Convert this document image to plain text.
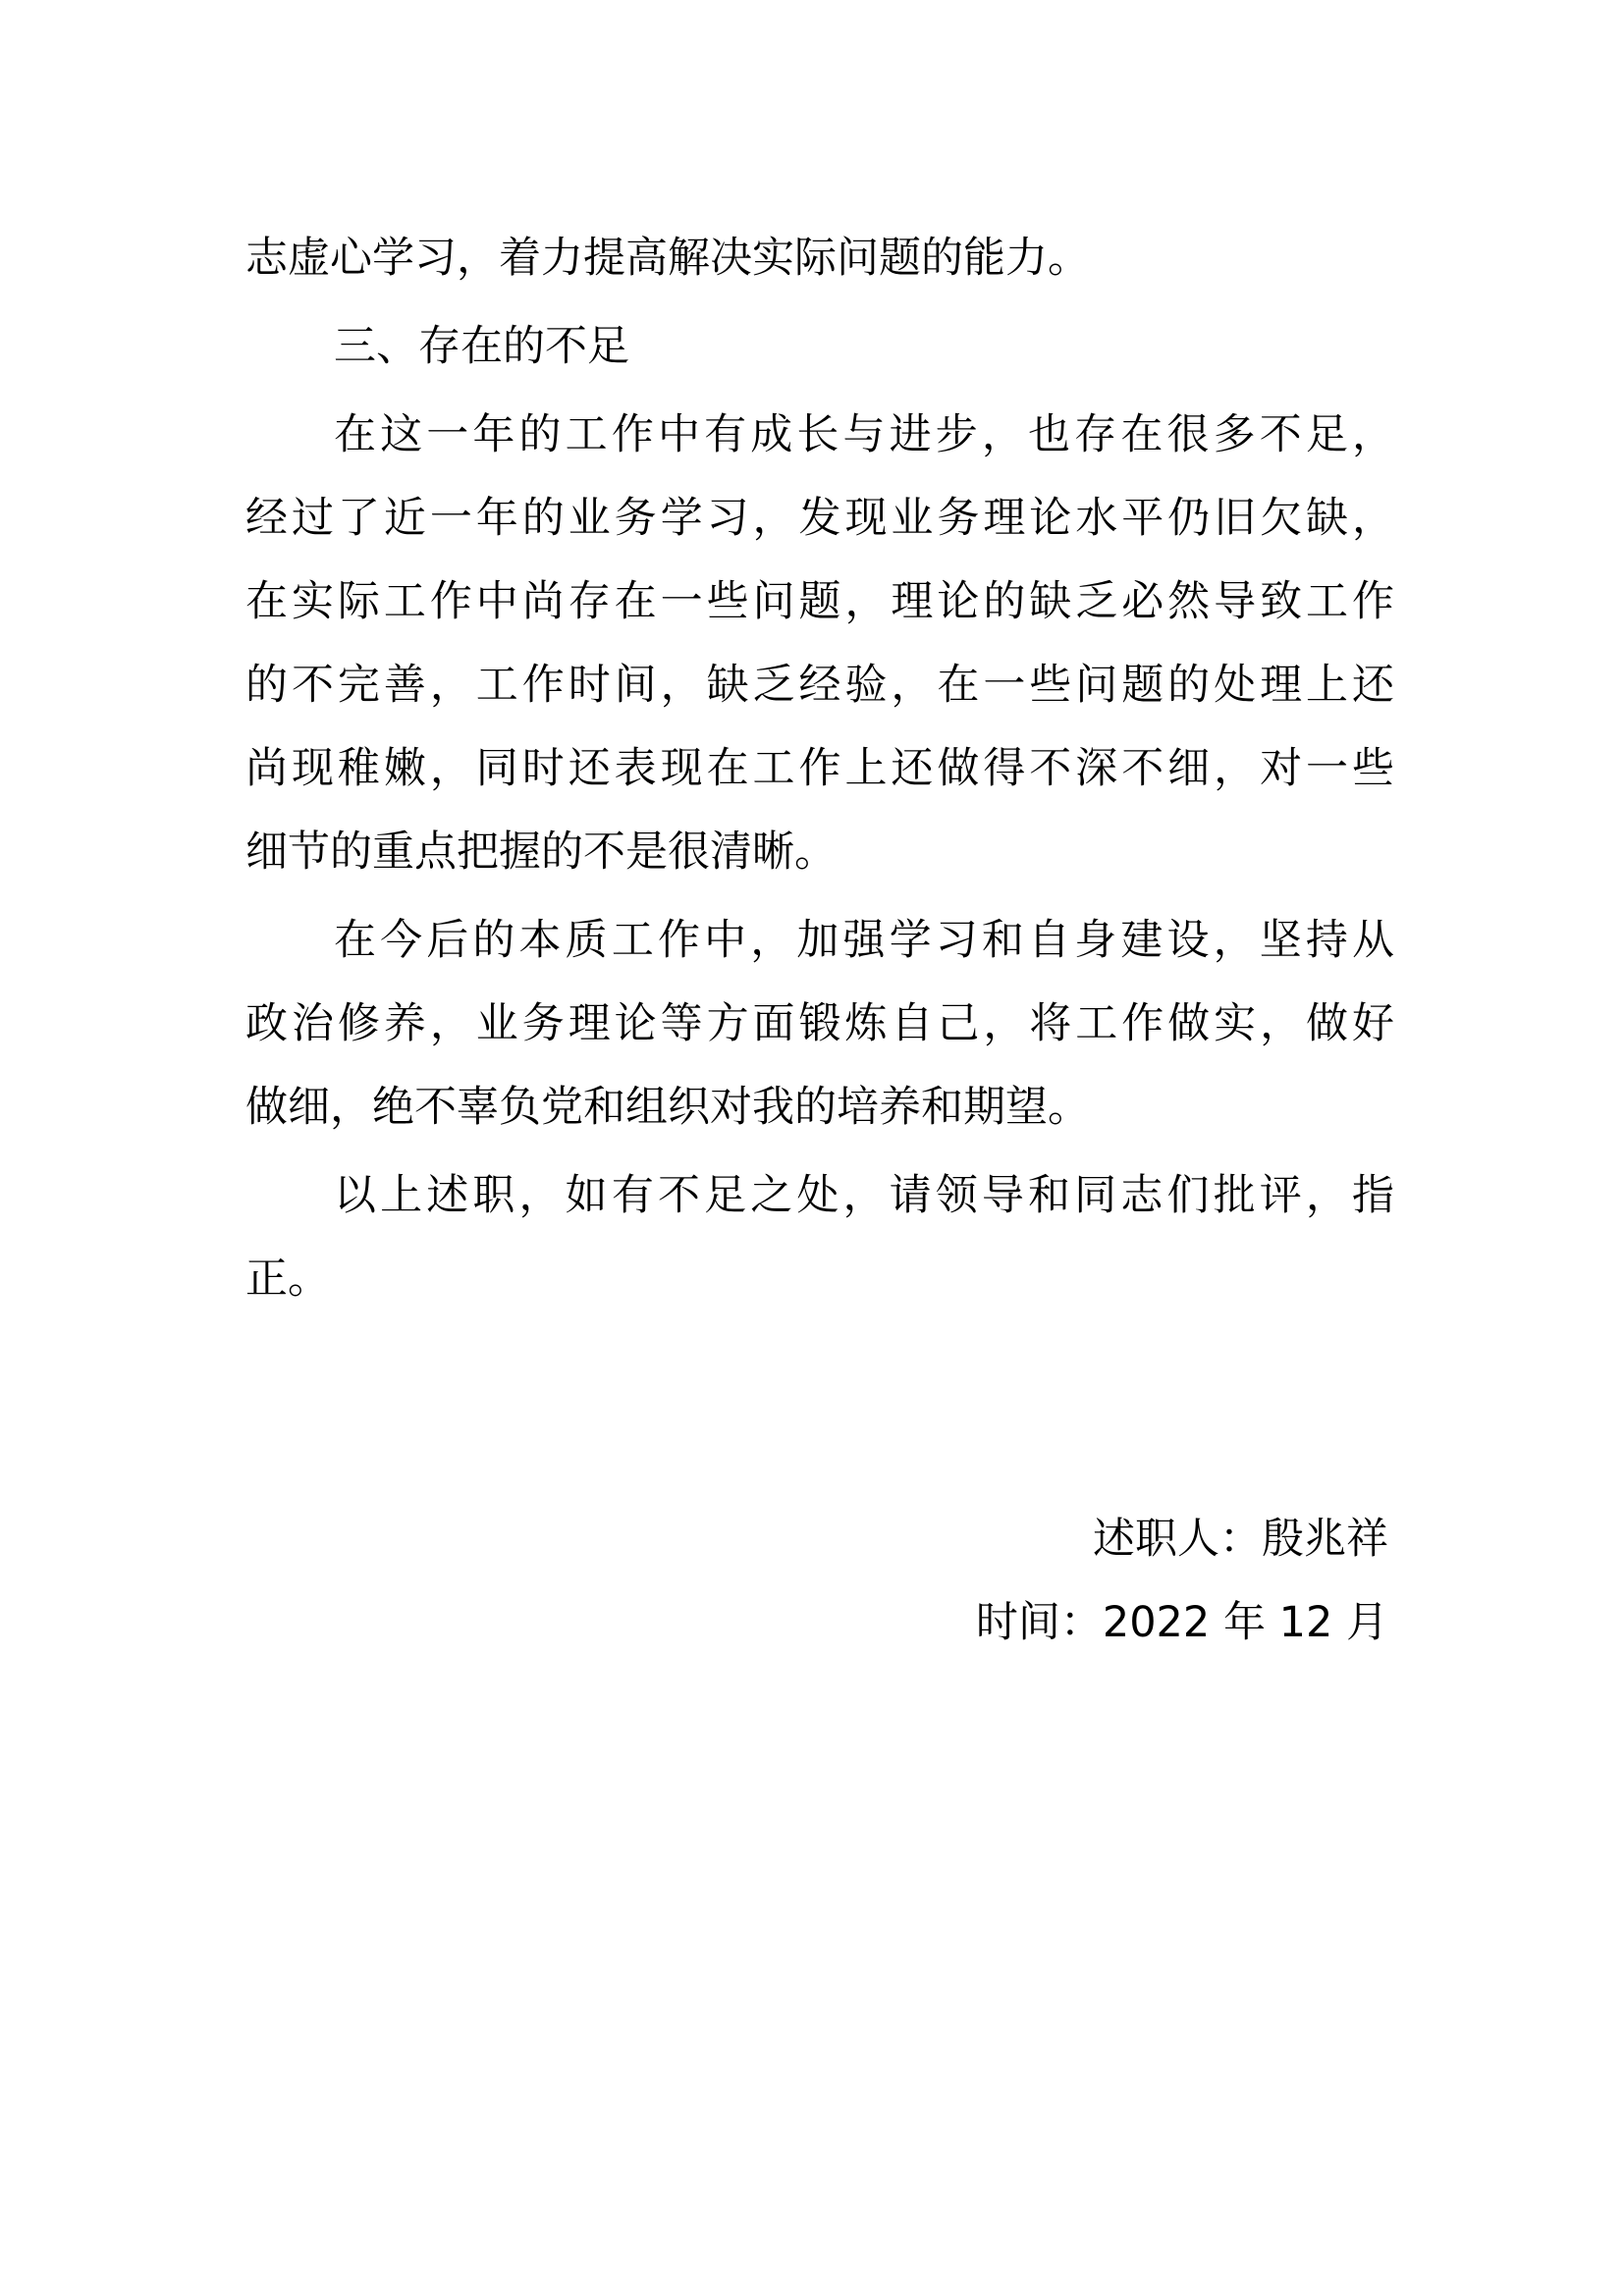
志虚心学习，着力提高解决实际问题的能力。
三、存在的不足
在这一年的工作中有成长与进步，也存在很多不足，
经过了近一年的业务学习，发现业务理论水平仍旧欠缺，
在实际工作中尚存在一些问题，理论的缺乏必然导致工作
的不完善，工作时间，缺乏经验，在一些问题的处理上还
尚现稚嫩，同时还表现在工作上还做得不深不细，对一些
细节的重点把握的不是很清晰。
在今后的本质工作中，加强学习和自身建设，坚持从
政治修养，业务理论等方面锻炼自己，将工作做实，做好
做细，绝不辜负党和组织对我的培养和期望。
以上述职，如有不足之处，请领导和同志们批评，指
正。
述职人：殷兆祥
时间：2022 年 12 月
